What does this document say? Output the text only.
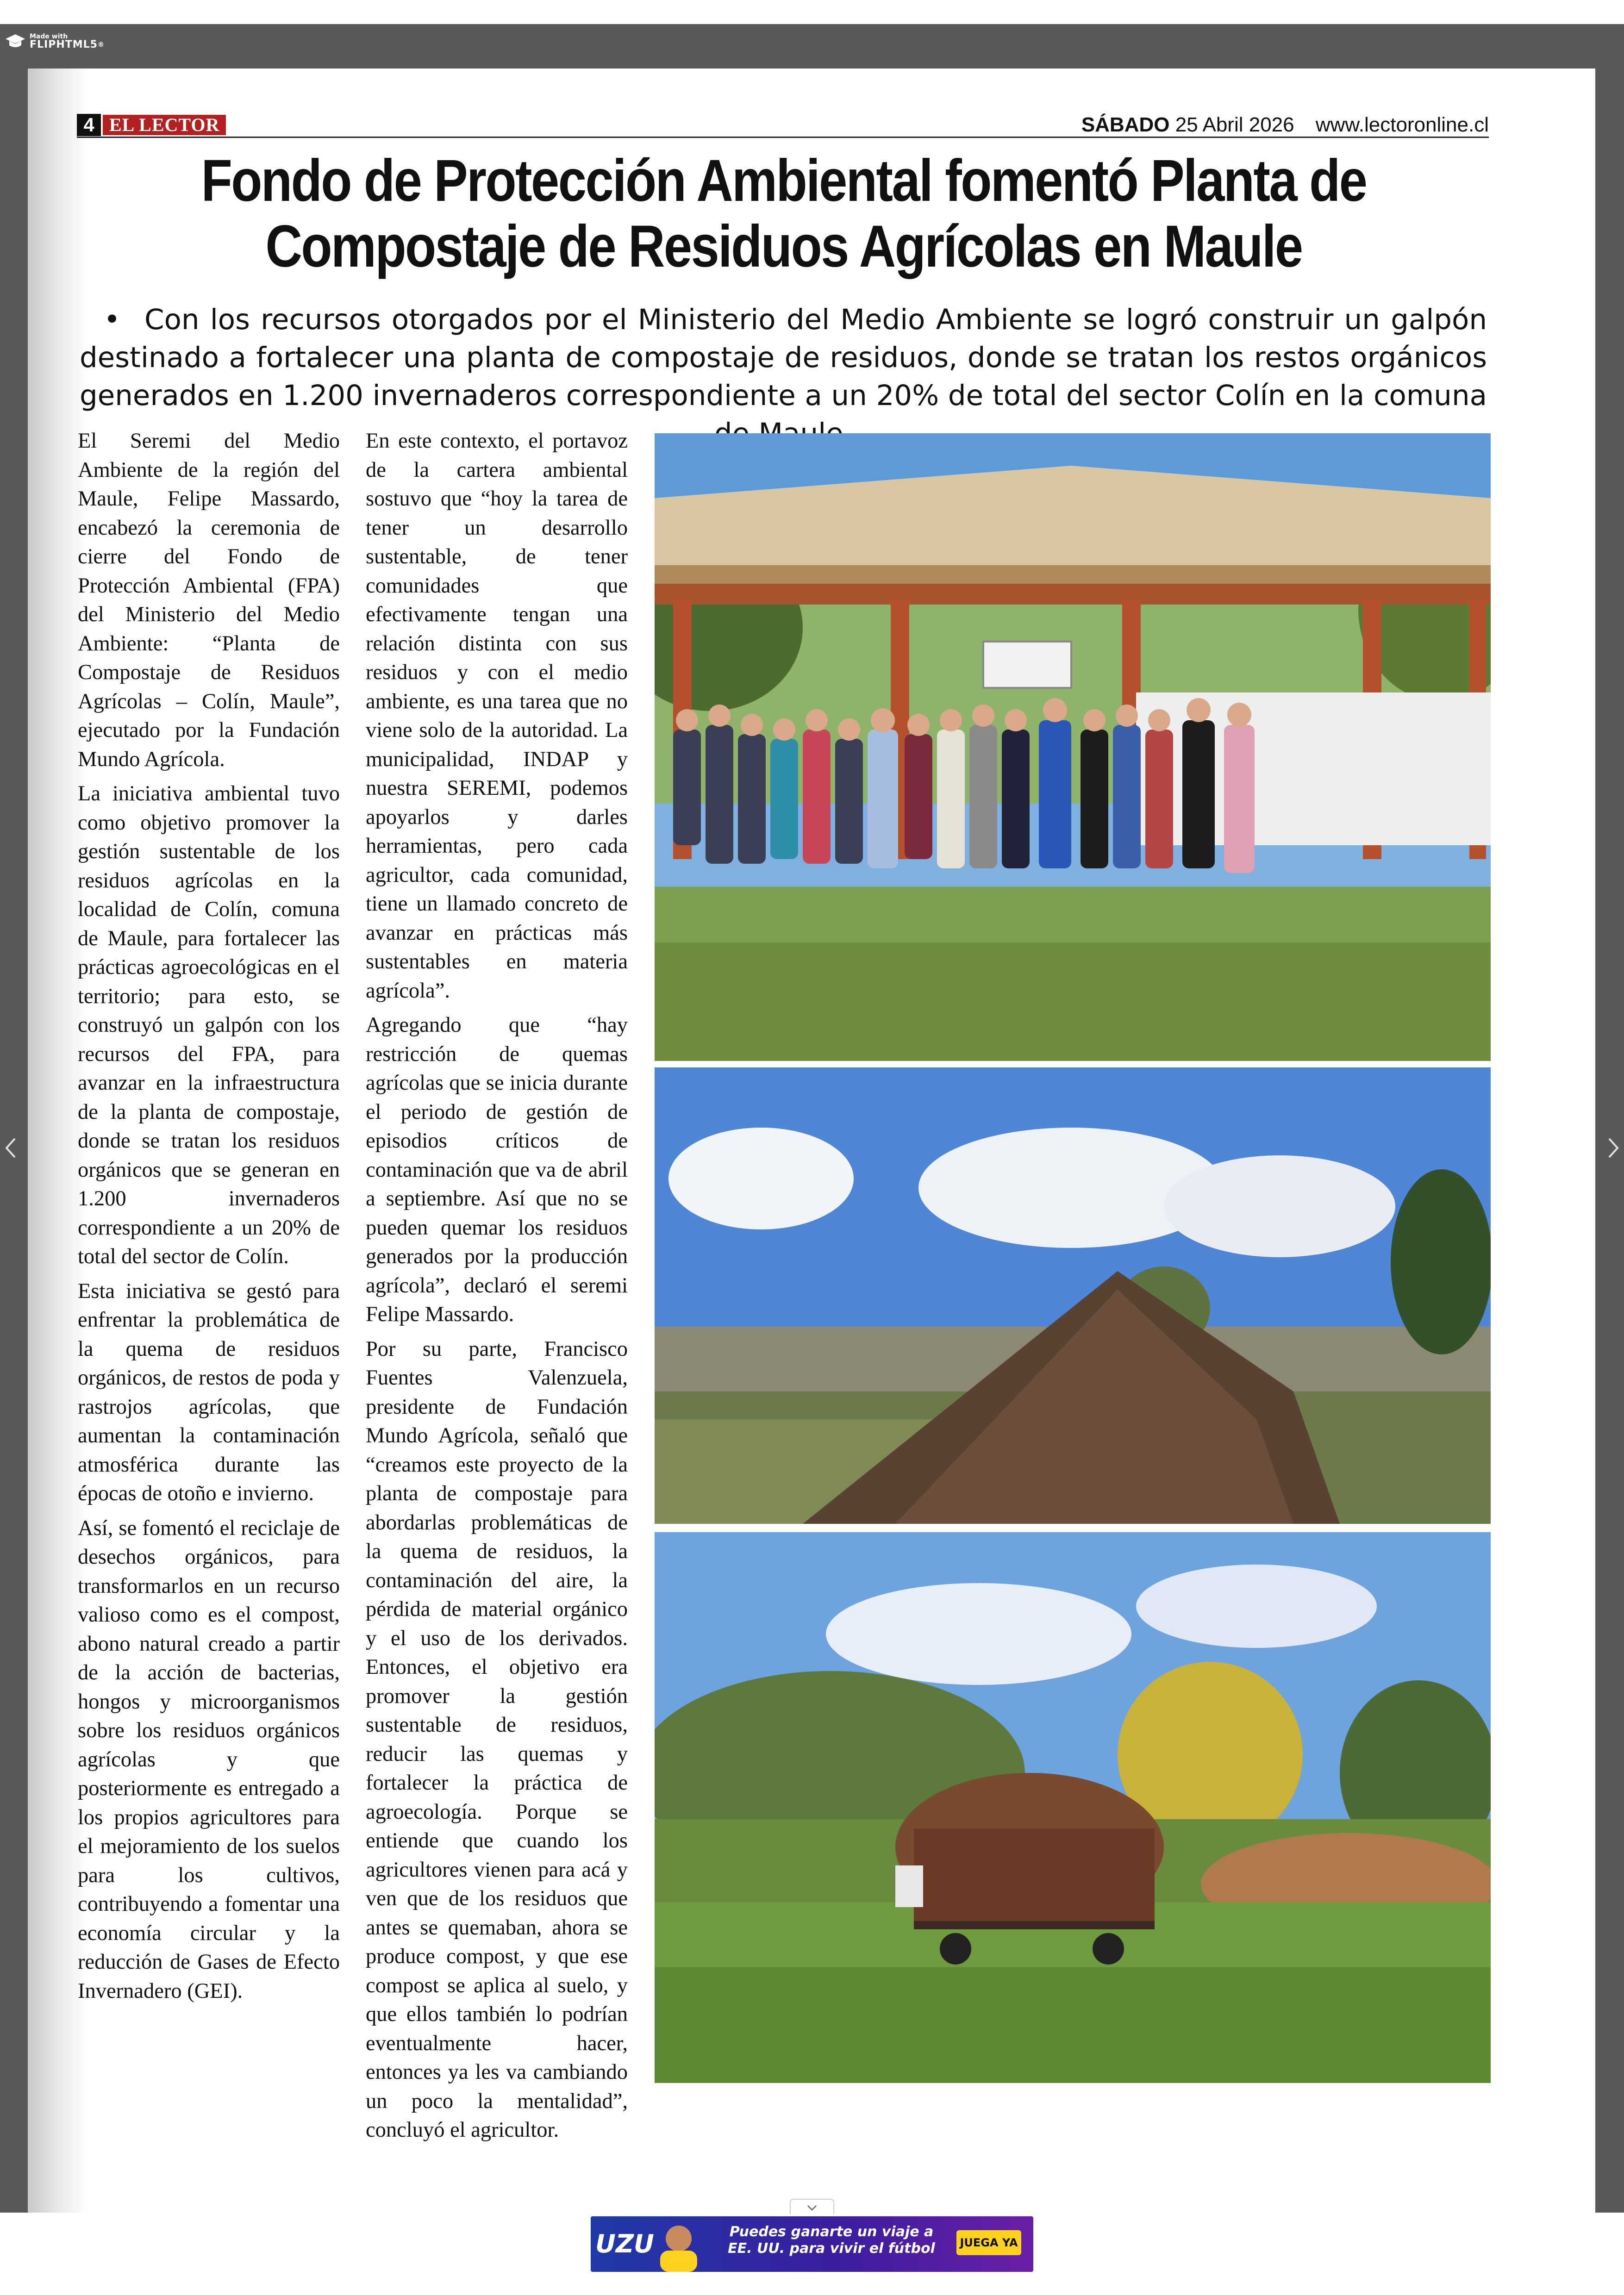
Made with
FLIPHTML5®
4 EL LECTOR	SÁBADO 25 Abril 2026 www.lectoronline.cl
Fondo de Protección Ambiental fomentó Planta de
Compostaje de Residuos Agrícolas en Maule
• Con los recursos otorgados por el Ministerio del Medio Ambiente se logró construir un galpón destinado a fortalecer una planta de compostaje de residuos, donde se tratan los restos orgánicos generados en 1.200 invernaderos correspondiente a un 20% de total del sector Colín en la comuna

El Seremi del Medio Ambiente de la región del Maule, Felipe Massardo, encabezó la ceremonia de cierre del Fondo de Protección Ambiental (FPA) del Ministerio del Medio Ambiente: “Planta de Compostaje de Residuos Agrícolas – Colín, Maule”, ejecutado por la Fundación Mundo Agrícola.

La iniciativa ambiental tuvo como objetivo promover la gestión sustentable de los residuos agrícolas en la localidad de Colín, comuna de Maule, para fortalecer las prácticas agroecológicas en el territorio; para esto, se construyó un galpón con los recursos del FPA, para avanzar en la infraestructura de la planta de compostaje, donde se tratan los residuos orgánicos que se generan en 1.200 invernaderos correspondiente a un 20% de total del sector de Colín.

Esta iniciativa se gestó para enfrentar la problemática de la quema de residuos orgánicos, de restos de poda y rastrojos agrícolas, que aumentan la contaminación atmosférica durante las épocas de otoño e invierno.

Así, se fomentó el reciclaje de desechos orgánicos, para transformarlos en un recurso valioso como es el compost, abono natural creado a partir de la acción de bacterias, hongos y microorganismos sobre los residuos orgánicos agrícolas y que posteriormente es entregado a los propios agricultores para el mejoramiento de los suelos para los cultivos, contribuyendo a fomentar una economía circular y la reducción de Gases de Efecto Invernadero (GEI).

En este contexto, el portavoz de la cartera ambiental sostuvo que “hoy la tarea de tener un desarrollo sustentable, de tener comunidades que efectivamente tengan una relación distinta con sus residuos y con el medio ambiente, es una tarea que no viene solo de la autoridad. La municipalidad, INDAP y nuestra SEREMI, podemos apoyarlos y darles herramientas, pero cada agricultor, cada comunidad, tiene un llamado concreto de avanzar en prácticas más sustentables en materia agrícola”.

Agregando que “hay restricción de quemas agrícolas que se inicia durante el periodo de gestión de episodios críticos de contaminación que va de abril a septiembre. Así que no se pueden quemar los residuos generados por la producción agrícola”, declaró el seremi Felipe Massardo.

Por su parte, Francisco Fuentes Valenzuela, presidente de Fundación Mundo Agrícola, señaló que “creamos este proyecto de la planta de compostaje para abordarlas problemáticas de la quema de residuos, la contaminación del aire, la pérdida de material orgánico y el uso de los derivados. Entonces, el objetivo era promover la gestión sustentable de residuos, reducir las quemas y fortalecer la práctica de agroecología. Porque se entiende que cuando los agricultores vienen para acá y ven que de los residuos que antes se quemaban, ahora se produce compost, y que ese compost se aplica al suelo, y que ellos también lo podrían eventualmente hacer, entonces ya les va cambiando un poco la mentalidad”, concluyó el agricultor.

UZU	Puedes ganarte un viaje a
EE. UU. para vivir el fútbol	JUEGA YA
